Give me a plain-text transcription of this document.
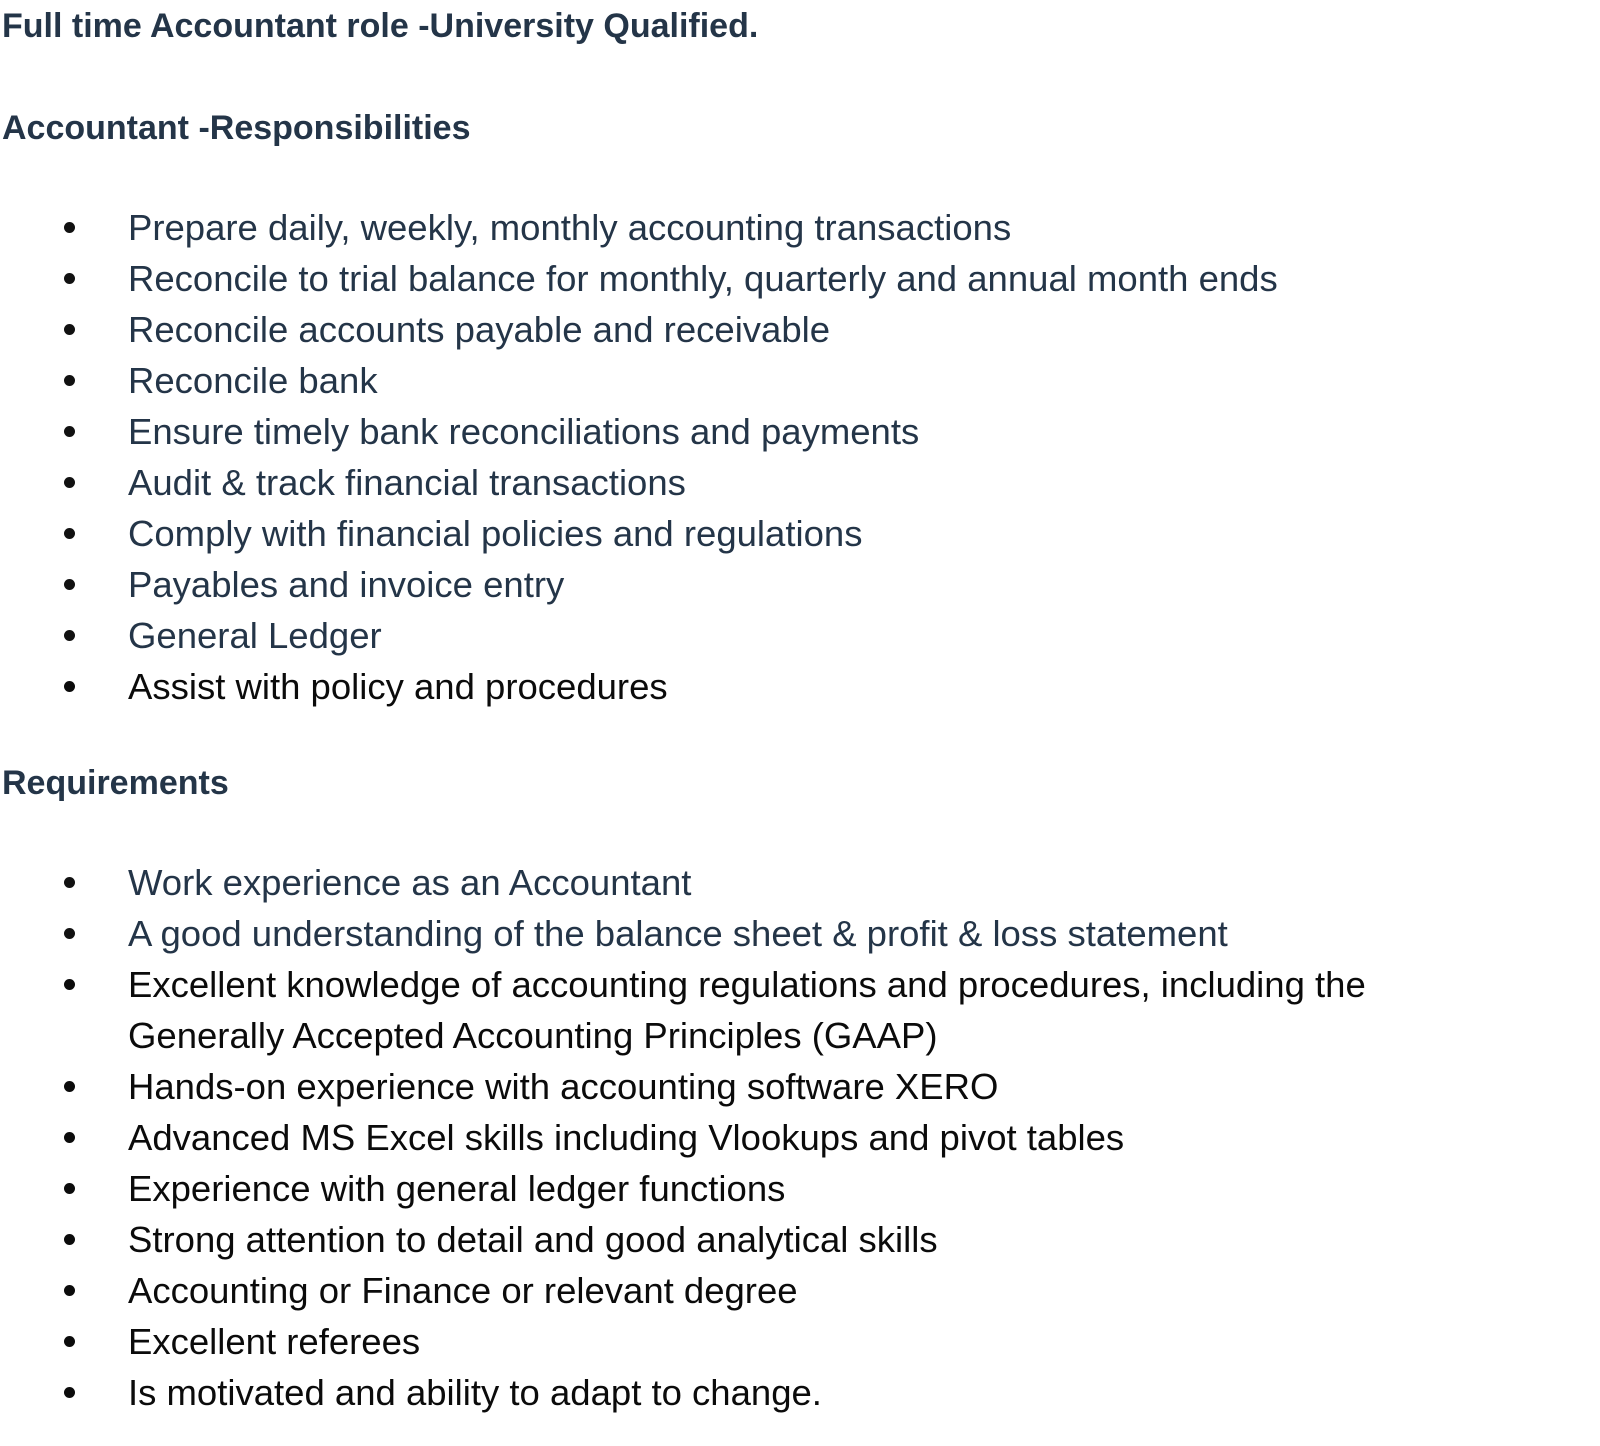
Full time Accountant role -University Qualified.
Accountant -Responsibilities
Prepare daily, weekly, monthly accounting transactions
Reconcile to trial balance for monthly, quarterly and annual month ends
Reconcile accounts payable and receivable
Reconcile bank
Ensure timely bank reconciliations and payments
Audit & track financial transactions
Comply with financial policies and regulations
Payables and invoice entry
General Ledger
Assist with policy and procedures
Requirements
Work experience as an Accountant
A good understanding of the balance sheet & profit & loss statement
Excellent knowledge of accounting regulations and procedures, including the Generally Accepted Accounting Principles (GAAP)
Hands-on experience with accounting software XERO
Advanced MS Excel skills including Vlookups and pivot tables
Experience with general ledger functions
Strong attention to detail and good analytical skills
Accounting or Finance or relevant degree
Excellent referees
Is motivated and ability to adapt to change.
